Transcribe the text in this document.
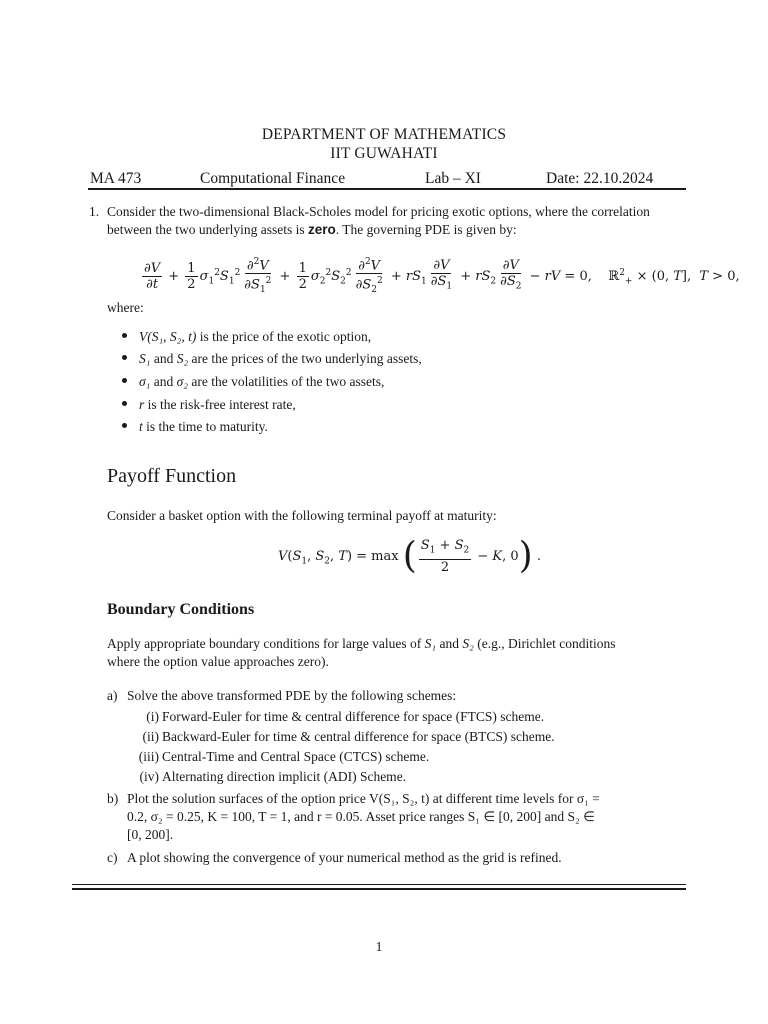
DEPARTMENT OF MATHEMATICS
IIT GUWAHATI
MA 473	Computational Finance	Lab – XI	Date: 22.10.2024
1. Consider the two-dimensional Black-Scholes model for pricing exotic options, where the correlation
between the two underlying assets is zero. The governing PDE is given by:
$\frac{\partial V}{\partial t} + \frac{1}{2} \sigma_1^2S_1^2 \frac{\partial^2V}{\partial S_1^2} + \frac{1}{2} \sigma_2^2S_2^2 \frac{\partial^2V}{\partial S_2^2} + rS_1 \frac{\partial V}{\partial S_1} + rS_2 \frac{\partial V}{\partial S_2}$ − rV = 0,    ℝ$^2_+$ × (0, T],  T > 0,
where:
V(S₁, S₂, t) is the price of the exotic option,
S₁ and S₂ are the prices of the two underlying assets,
σ₁ and σ₂ are the volatilities of the two assets,
r is the risk-free interest rate,
t is the time to maturity.
Payoff Function
Consider a basket option with the following terminal payoff at maturity:
$V(S_1$, $S_2$, T) = max ( $\frac{S_1 + S_2}{2} - K$, 0) .
Boundary Conditions
Apply appropriate boundary conditions for large values of S₁ and S₂ (e.g., Dirichlet conditions
where the option value approaches zero).
a) Solve the above transformed PDE by the following schemes:
(i) Forward-Euler for time & central difference for space (FTCS) scheme.
(ii) Backward-Euler for time & central difference for space (BTCS) scheme.
(iii) Central-Time and Central Space (CTCS) scheme.
(iv) Alternating direction implicit (ADI) Scheme.
b) Plot the solution surfaces of the option price V(S₁, S₂, t) at different time levels for σ₁ =
0.2, σ₂ = 0.25, K = 100, T = 1, and r = 0.05. Asset price ranges S₁ ∈ [0, 200] and S₂ ∈
[0, 200].
c) A plot showing the convergence of your numerical method as the grid is refined.
1
